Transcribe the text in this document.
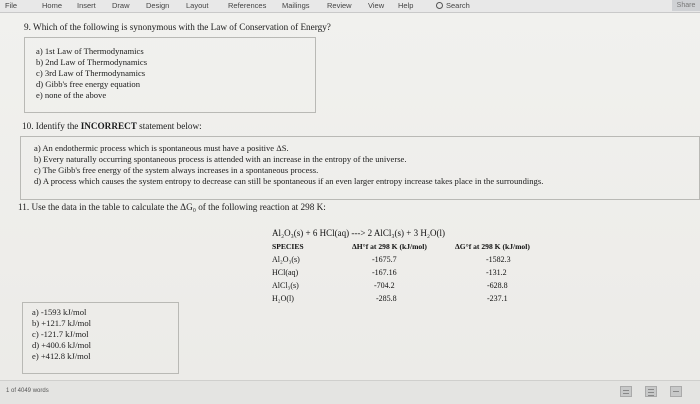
File	Home Insert Draw Design Layout	References Mailings Review View Help	Search	Share
9. Which of the following is synonymous with the Law of Conservation of Energy?
a) 1st Law of Thermodynamics
b) 2nd Law of Thermodynamics
c) 3rd Law of Thermodynamics
d) Gibb's free energy equation
e) none of the above
10. Identify the INCORRECT statement below:
a) An endothermic process which is spontaneous must have a positive ΔS.
b) Every naturally occurring spontaneous process is attended with an increase in the entropy of the universe.
c) The Gibb's free energy of the system always increases in a spontaneous process.
d) A process which causes the system entropy to decrease can still be spontaneous if an even larger entropy increase takes place in the surroundings.
11. Use the data in the table to calculate the ΔG₀ of the following reaction at 298 K:
Al₂O₃(s) + 6 HCl(aq) ---> 2 AlCl₃(s) + 3 H₂O(l)
SPECIES	ΔH°f at 298 K (kJ/mol)	ΔG°f at 298 K (kJ/mol)
Al₂O₃(s)	-1675.7	-1582.3
HCl(aq)	-167.16	-131.2
AlCl₃(s)	-704.2	-628.8
H₂O(l)	-285.8	-237.1
a) -1593 kJ/mol
b) +121.7 kJ/mol
c) -121.7 kJ/mol
d) +400.6 kJ/mol
e) +412.8 kJ/mol
1 of 4049 words
